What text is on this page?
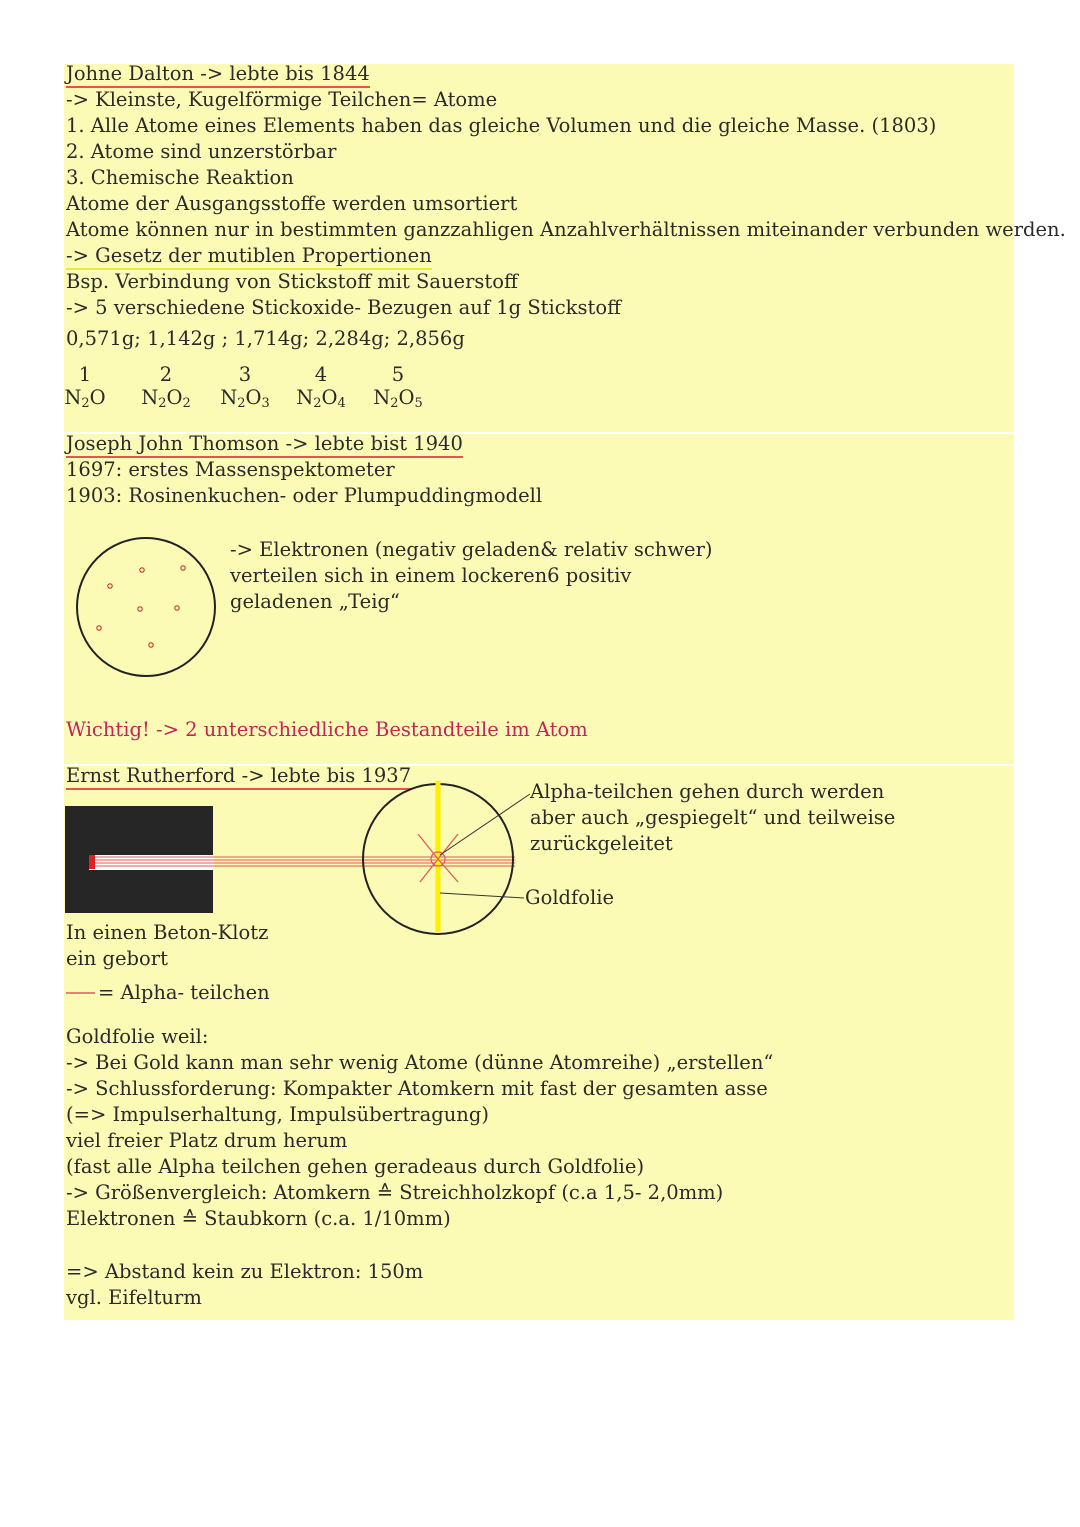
Johne Dalton -> lebte bis 1844
-> Kleinste, Kugelförmige Teilchen= Atome
1. Alle Atome eines Elements haben das gleiche Volumen und die gleiche Masse. (1803)
2. Atome sind unzerstörbar
3. Chemische Reaktion
Atome der Ausgangsstoffe werden umsortiert
Atome können nur in bestimmten ganzzahligen Anzahlverhältnissen miteinander verbunden werden.
-> Gesetz der mutiblen Propertionen
Bsp. Verbindung von Stickstoff mit Sauerstoff
-> 5 verschiedene Stickoxide- Bezugen auf 1g Stickstoff
0,571g; 1,142g ; 1,714g; 2,284g; 2,856g
1	2	3	4	5
$N_2O$	$N_2O_2$ $N_2O_3$ $N_2O_4$ $N_2O_5$
Joseph John Thomson -> lebte bist 1940
1697: erstes Massenspektometer
1903: Rosinenkuchen- oder Plumpuddingmodell
-> Elektronen (negativ geladen& relativ schwer)
verteilen sich in einem lockeren6 positiv
geladenen „Teig“
Wichtig! -> 2 unterschiedliche Bestandteile im Atom
Ernst Rutherford -> lebte bis 1937
Alpha-teilchen gehen durch werden
aber auch „gespiegelt“ und teilweise
zurückgeleitet
Goldfolie
In einen Beton-Klotz
ein gebort
= Alpha- teilchen
Goldfolie weil:
-> Bei Gold kann man sehr wenig Atome (dünne Atomreihe) „erstellen“
-> Schlussforderung: Kompakter Atomkern mit fast der gesamten asse
(=> Impulserhaltung, Impulsübertragung)
viel freier Platz drum herum
(fast alle Alpha teilchen gehen geradeaus durch Goldfolie)
-> Größenvergleich: Atomkern ≙ Streichholzkopf (c.a 1,5- 2,0mm)
Elektronen ≙ Staubkorn (c.a. 1/10mm)
=> Abstand kein zu Elektron: 150m
vgl. Eifelturm
